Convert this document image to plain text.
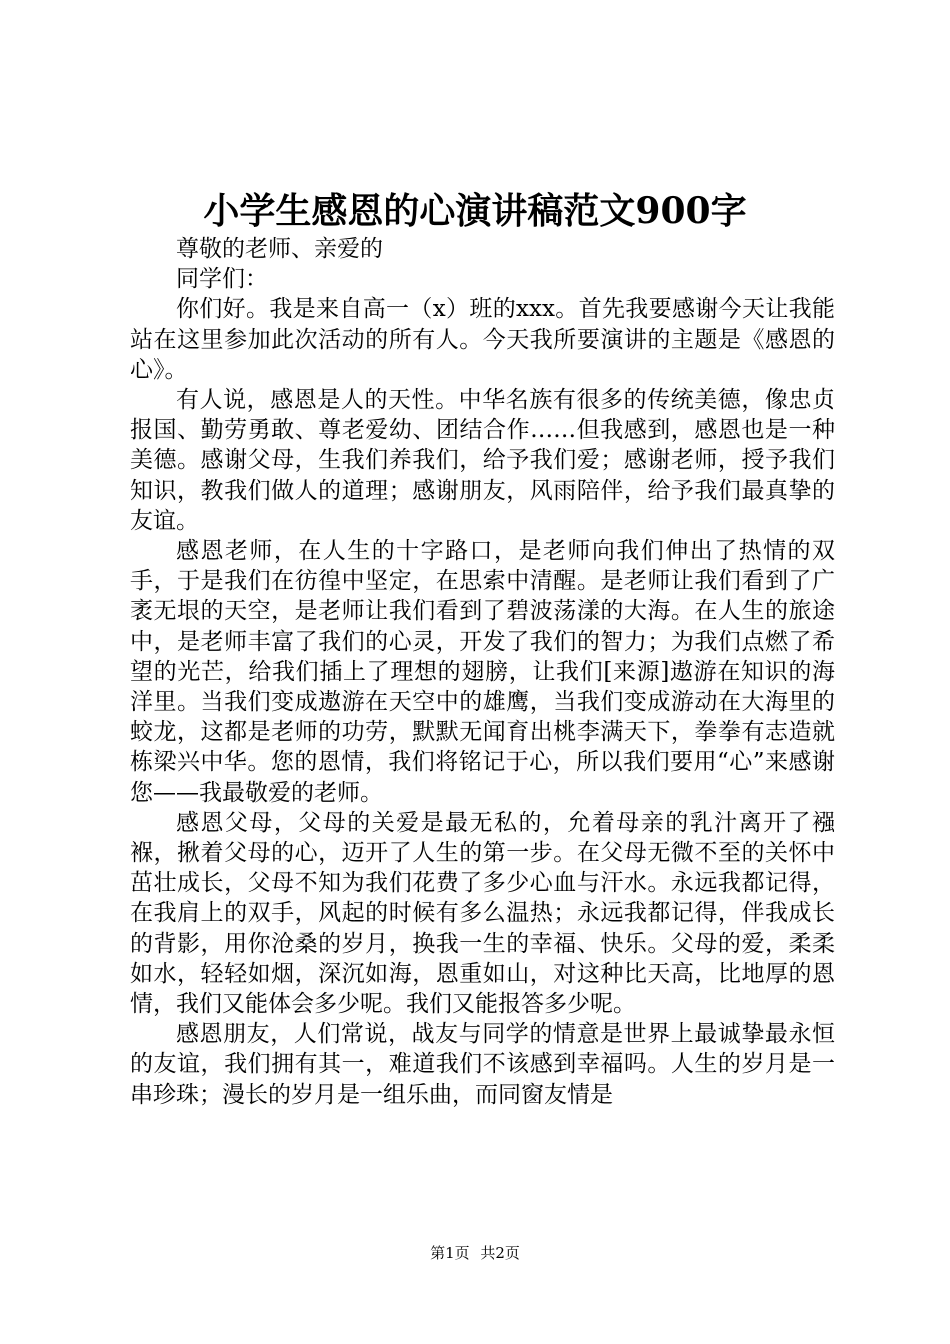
小学生感恩的心演讲稿范文900字

尊敬的老师、亲爱的

同学们：

你们好。我是来自高一（x）班的xxx。首先我要感谢今天让我能站在这里参加此次活动的所有人。今天我所要演讲的主题是《感恩的心》。

有人说，感恩是人的天性。中华名族有很多的传统美德，像忠贞报国、勤劳勇敢、尊老爱幼、团结合作……但我感到，感恩也是一种美德。感谢父母，生我们养我们，给予我们爱；感谢老师，授予我们知识，教我们做人的道理；感谢朋友，风雨陪伴，给予我们最真挚的友谊。

感恩老师，在人生的十字路口，是老师向我们伸出了热情的双手，于是我们在彷徨中坚定，在思索中清醒。是老师让我们看到了广袤无垠的天空，是老师让我们看到了碧波荡漾的大海。在人生的旅途中，是老师丰富了我们的心灵，开发了我们的智力；为我们点燃了希望的光芒，给我们插上了理想的翅膀，让我们[来源]遨游在知识的海洋里。当我们变成遨游在天空中的雄鹰，当我们变成游动在大海里的蛟龙，这都是老师的功劳，默默无闻育出桃李满天下，拳拳有志造就栋梁兴中华。您的恩情，我们将铭记于心，所以我们要用“心”来感谢您——我最敬爱的老师。

感恩父母，父母的关爱是最无私的，允着母亲的乳汁离开了襁褓，揪着父母的心，迈开了人生的第一步。在父母无微不至的关怀中茁壮成长，父母不知为我们花费了多少心血与汗水。永远我都记得，在我肩上的双手，风起的时候有多么温热；永远我都记得，伴我成长的背影，用你沧桑的岁月，换我一生的幸福、快乐。父母的爱，柔柔如水，轻轻如烟，深沉如海，恩重如山，对这种比天高，比地厚的恩情，我们又能体会多少呢。我们又能报答多少呢。

感恩朋友，人们常说，战友与同学的情意是世界上最诚挚最永恒的友谊，我们拥有其一，难道我们不该感到幸福吗。人生的岁月是一串珍珠；漫长的岁月是一组乐曲，而同窗友情是

第1页 共2页
